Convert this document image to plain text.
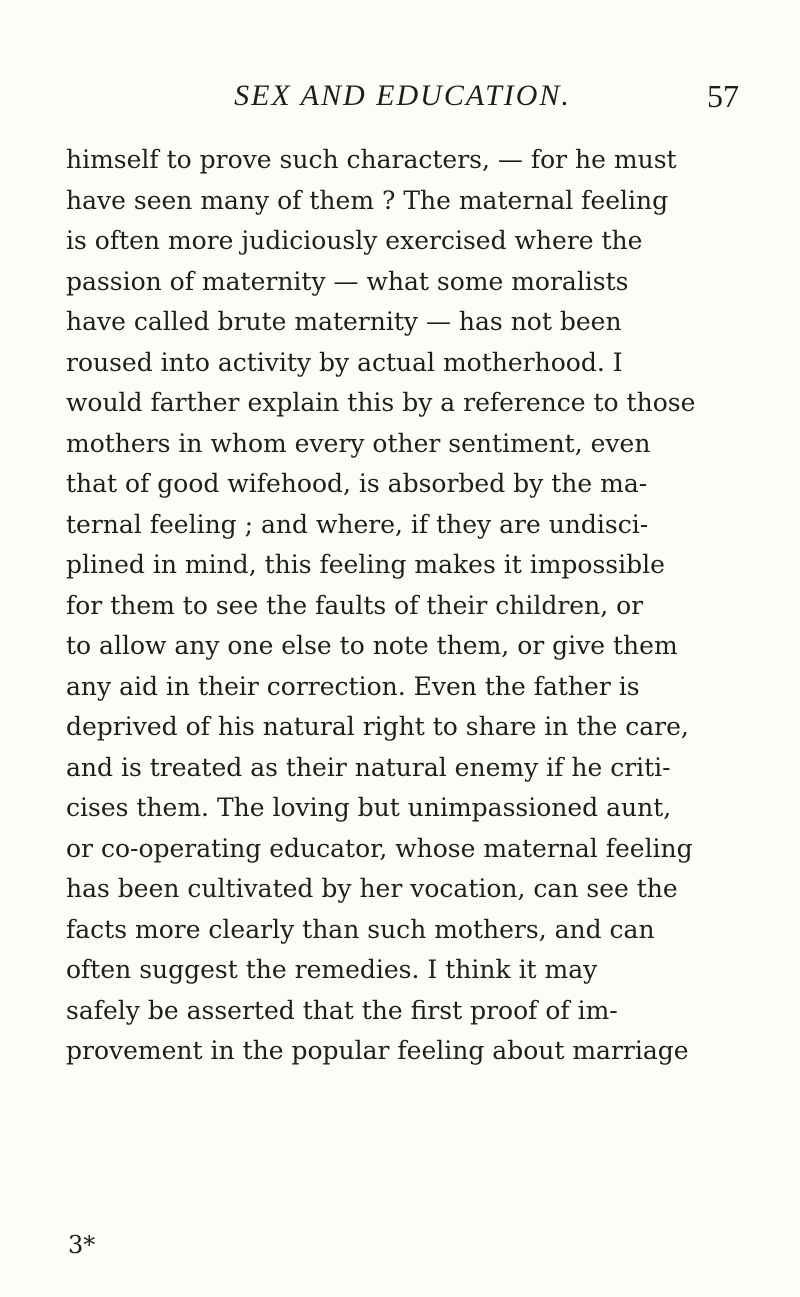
SEX AND EDUCATION.	57
himself to prove such characters, — for he must
have seen many of them ? The maternal feeling
is often more judiciously exercised where the
passion of maternity — what some moralists
have called brute maternity — has not been
roused into activity by actual motherhood. I
would farther explain this by a reference to those
mothers in whom every other sentiment, even
that of good wifehood, is absorbed by the ma-
ternal feeling ; and where, if they are undisci-
plined in mind, this feeling makes it impossible
for them to see the faults of their children, or
to allow any one else to note them, or give them
any aid in their correction. Even the father is
deprived of his natural right to share in the care,
and is treated as their natural enemy if he criti-
cises them. The loving but unimpassioned aunt,
or co-operating educator, whose maternal feeling
has been cultivated by her vocation, can see the
facts more clearly than such mothers, and can
often suggest the remedies. I think it may
safely be asserted that the first proof of im-
provement in the popular feeling about marriage
3*
